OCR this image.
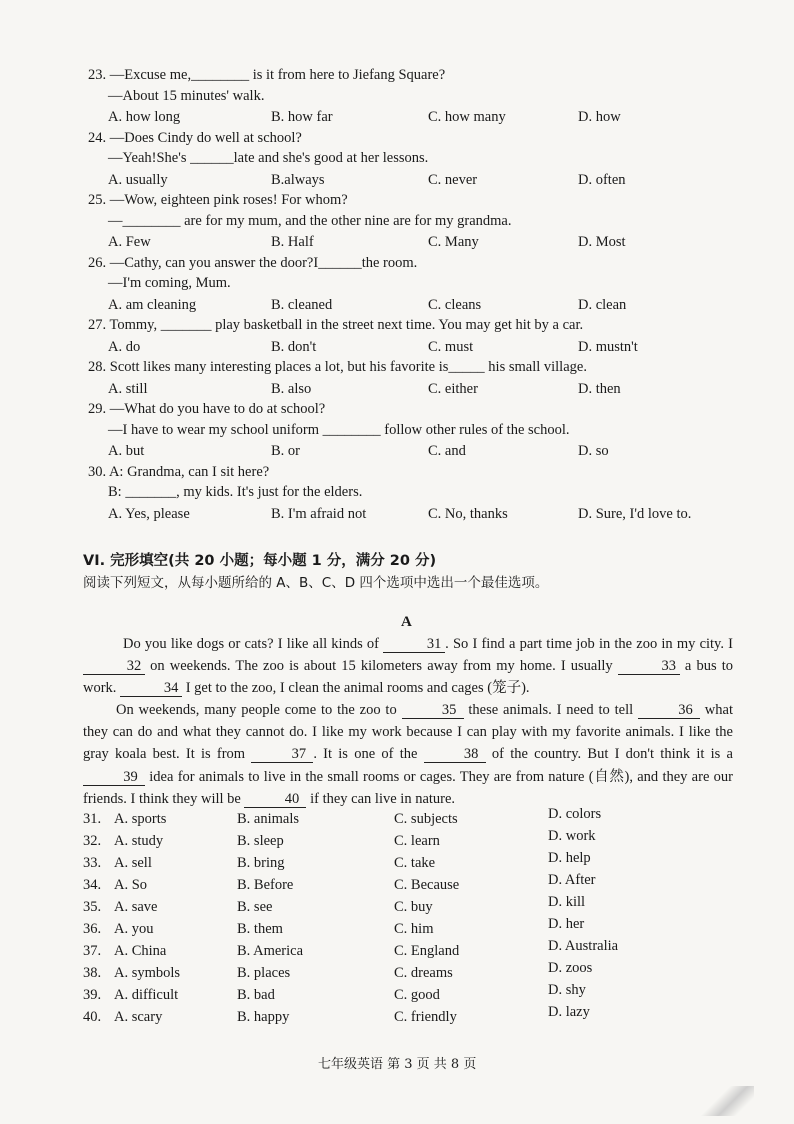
23. —Excuse me,________ is it from here to Jiefang Square?
—About 15 minutes' walk.
A. how long	B. how far	C. how many	D. how
24. —Does Cindy do well at school?
—Yeah!She's ______late and she's good at her lessons.
A. usually	B.always	C. never	D. often
25. —Wow, eighteen pink roses! For whom?
—________ are for my mum, and the other nine are for my grandma.
A. Few	B. Half	C. Many	D. Most
26. —Cathy, can you answer the door?I______the room.
—I'm coming, Mum.
A. am cleaning	B. cleaned	C. cleans	D. clean
27. Tommy, _______ play basketball in the street next time. You may get hit by a car.
A. do	B. don't	C. must	D. mustn't
28. Scott likes many interesting places a lot, but his favorite is_____ his small village.
A. still	B. also	C. either	D. then
29. —What do you have to do at school?
—I have to wear my school uniform ________ follow other rules of the school.
A. but	B. or	C. and	D. so
30. A: Grandma, can I sit here?
B: _______, my kids. It's just for the elders.
A. Yes, please	B. I'm afraid not	C. No, thanks	D. Sure, I'd love to.
VI. 完形填空(共 20 小题；每小题 1 分，满分 20 分)
阅读下列短文，从每小题所给的 A、B、C、D 四个选项中选出一个最佳选项。
A
Do you like dogs or cats? I like all kinds of	31 . So I find a part time job in the zoo in my city. I 32 on weekends. The zoo is about 15 kilometers away from my home. I usually	33 a bus to work.	34 I get to the zoo, I clean the animal rooms and cages (笼子).
On weekends, many people come to the zoo to	35 these animals. I need to tell	36 what they can do and what they cannot do. I like my work because I can play with my favorite animals. I like the gray koala best. It is from	37 . It is one of the	38 of the country. But I don't think it is a 39 idea for animals to live in the small rooms or cages. They are from nature (自然), and they are our friends. I think they will be	40 if they can live in nature.
31. A. sports	B. animals	C. subjects	D. colors
32. A. study	B. sleep	C. learn	D. work
33. A. sell	B. bring	C. take	D. help
34. A. So	B. Before	C. Because	D. After
35. A. save	B. see	C. buy	D. kill
36. A. you	B. them	C. him	D. her
37. A. China	B. America	C. England	D. Australia
38. A. symbols	B. places	C. dreams	D. zoos
39. A. difficult	B. bad	C. good	D. shy
40. A. scary	B. happy	C. friendly	D. lazy
七年级英语 第 3 页 共 8 页
